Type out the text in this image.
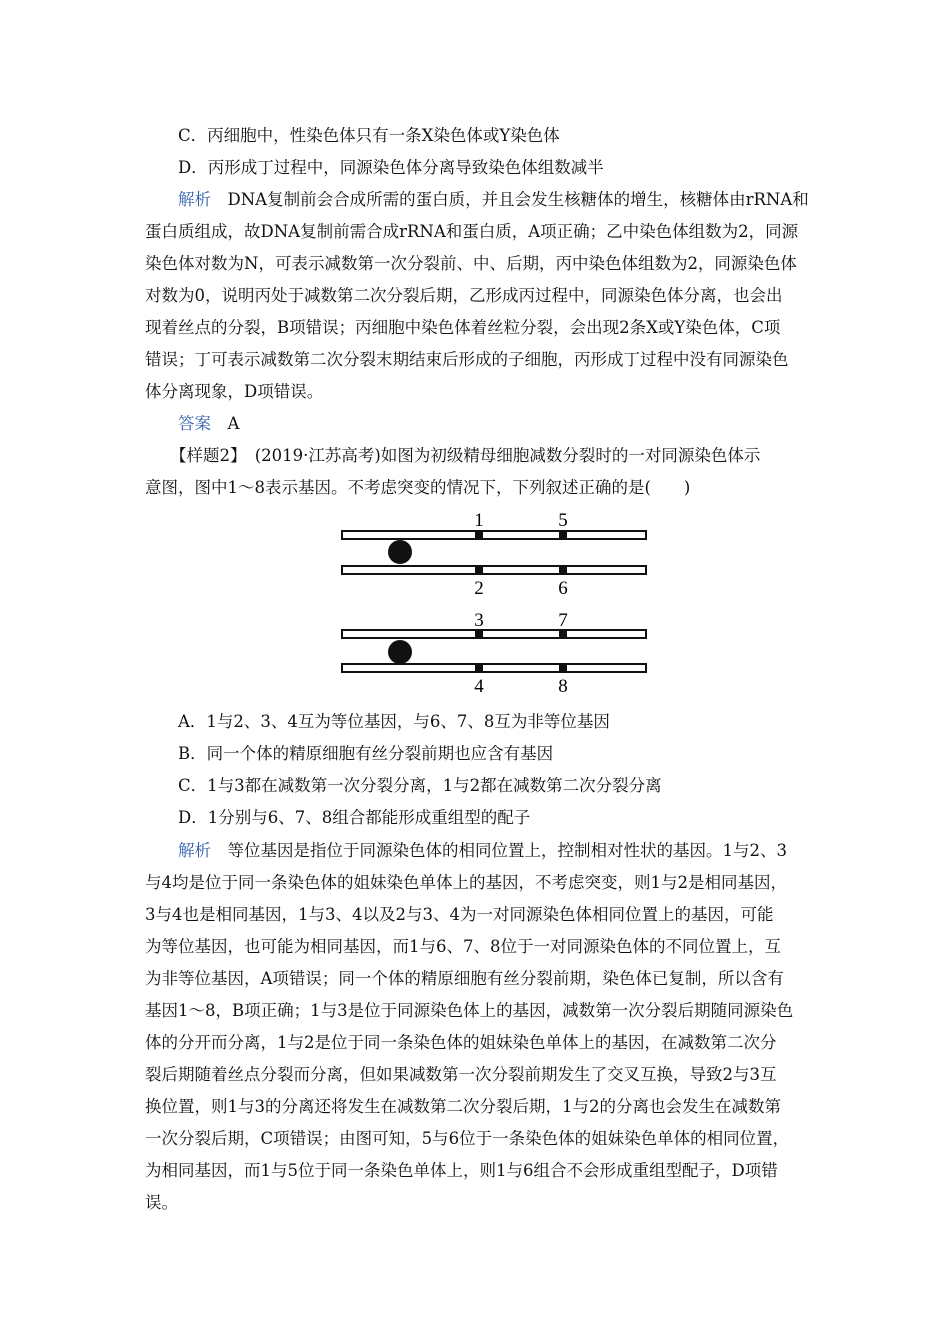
C．丙细胞中，性染色体只有一条X染色体或Y染色体
D．丙形成丁过程中，同源染色体分离导致染色体组数减半
解析　 DNA复制前会合成所需的蛋白质，并且会发生核糖体的增生，核糖体由rRNA和
蛋白质组成，故DNA复制前需合成rRNA和蛋白质，A项正确；乙中染色体组数为2，同源
染色体对数为N，可表示减数第一次分裂前、中、后期，丙中染色体组数为2，同源染色体
对数为0，说明丙处于减数第二次分裂后期，乙形成丙过程中，同源染色体分离，也会出
现着丝点的分裂，B项错误；丙细胞中染色体着丝粒分裂，会出现2条X或Y染色体，C项
错误；丁可表示减数第二次分裂末期结束后形成的子细胞，丙形成丁过程中没有同源染色
体分离现象，D项错误。
答案　 A
【样题2】　 (2019·江苏高考)如图为初级精母细胞减数分裂时的一对同源染色体示
意图，图中1～8表示基因。不考虑突变的情况下，下列叙述正确的是(　　)
1
2
3
4
5
6
7
8
A．1与2、3、4互为等位基因，与6、7、8互为非等位基因
B．同一个体的精原细胞有丝分裂前期也应含有基因
C．1与3都在减数第一次分裂分离，1与2都在减数第二次分裂分离
D．1分别与6、7、8组合都能形成重组型的配子
解析　 等位基因是指位于同源染色体的相同位置上，控制相对性状的基因。1与2、3
与4均是位于同一条染色体的姐妹染色单体上的基因，不考虑突变，则1与2是相同基因，
3与4也是相同基因，1与3、4以及2与3、4为一对同源染色体相同位置上的基因，可能
为等位基因，也可能为相同基因，而1与6、7、8位于一对同源染色体的不同位置上，互
为非等位基因，A项错误；同一个体的精原细胞有丝分裂前期，染色体已复制，所以含有
基因1～8，B项正确；1与3是位于同源染色体上的基因，减数第一次分裂后期随同源染色
体的分开而分离，1与2是位于同一条染色体的姐妹染色单体上的基因，在减数第二次分
裂后期随着丝点分裂而分离，但如果减数第一次分裂前期发生了交叉互换，导致2与3互
换位置，则1与3的分离还将发生在减数第二次分裂后期，1与2的分离也会发生在减数第
一次分裂后期，C项错误；由图可知，5与6位于一条染色体的姐妹染色单体的相同位置，
为相同基因，而1与5位于同一条染色单体上，则1与6组合不会形成重组型配子，D项错
误。
